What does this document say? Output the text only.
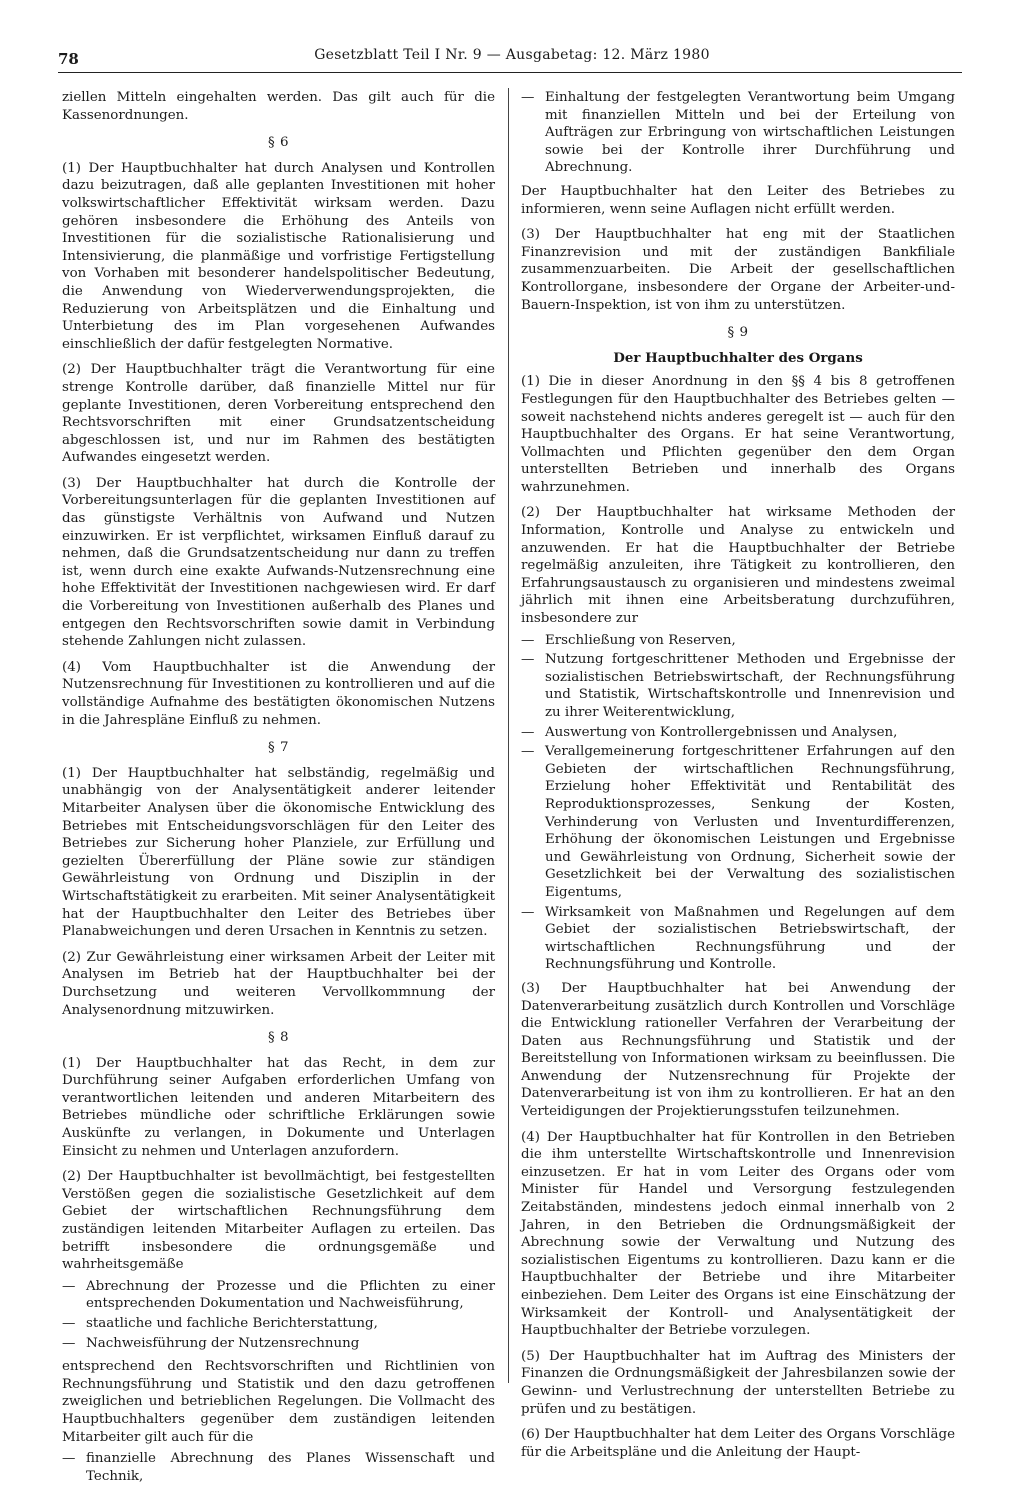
78	Gesetzblatt Teil I Nr. 9 — Ausgabetag: 12. März 1980

ziellen Mitteln eingehalten werden. Das gilt auch für die Kassenordnungen.

§ 6

(1) Der Hauptbuchhalter hat durch Analysen und Kontrollen dazu beizutragen, daß alle geplanten Investitionen mit hoher volkswirtschaftlicher Effektivität wirksam werden. Dazu gehören insbesondere die Erhöhung des Anteils von Investitionen für die sozialistische Rationalisierung und Intensivierung, die planmäßige und vorfristige Fertigstellung von Vorhaben mit besonderer handelspolitischer Bedeutung, die Anwendung von Wiederverwendungsprojekten, die Reduzierung von Arbeitsplätzen und die Einhaltung und Unterbietung des im Plan vorgesehenen Aufwandes einschließlich der dafür festgelegten Normative.

(2) Der Hauptbuchhalter trägt die Verantwortung für eine strenge Kontrolle darüber, daß finanzielle Mittel nur für geplante Investitionen, deren Vorbereitung entsprechend den Rechtsvorschriften mit einer Grundsatzentscheidung abgeschlossen ist, und nur im Rahmen des bestätigten Aufwandes eingesetzt werden.

(3) Der Hauptbuchhalter hat durch die Kontrolle der Vorbereitungsunterlagen für die geplanten Investitionen auf das günstigste Verhältnis von Aufwand und Nutzen einzuwirken. Er ist verpflichtet, wirksamen Einfluß darauf zu nehmen, daß die Grundsatzentscheidung nur dann zu treffen ist, wenn durch eine exakte Aufwands-Nutzensrechnung eine hohe Effektivität der Investitionen nachgewiesen wird. Er darf die Vorbereitung von Investitionen außerhalb des Planes und entgegen den Rechtsvorschriften sowie damit in Verbindung stehende Zahlungen nicht zulassen.

(4) Vom Hauptbuchhalter ist die Anwendung der Nutzensrechnung für Investitionen zu kontrollieren und auf die vollständige Aufnahme des bestätigten ökonomischen Nutzens in die Jahrespläne Einfluß zu nehmen.

§ 7

(1) Der Hauptbuchhalter hat selbständig, regelmäßig und unabhängig von der Analysentätigkeit anderer leitender Mitarbeiter Analysen über die ökonomische Entwicklung des Betriebes mit Entscheidungsvorschlägen für den Leiter des Betriebes zur Sicherung hoher Planziele, zur Erfüllung und gezielten Übererfüllung der Pläne sowie zur ständigen Gewährleistung von Ordnung und Disziplin in der Wirtschaftstätigkeit zu erarbeiten. Mit seiner Analysentätigkeit hat der Hauptbuchhalter den Leiter des Betriebes über Planabweichungen und deren Ursachen in Kenntnis zu setzen.

(2) Zur Gewährleistung einer wirksamen Arbeit der Leiter mit Analysen im Betrieb hat der Hauptbuchhalter bei der Durchsetzung und weiteren Vervollkommnung der Analysenordnung mitzuwirken.

§ 8

(1) Der Hauptbuchhalter hat das Recht, in dem zur Durchführung seiner Aufgaben erforderlichen Umfang von verantwortlichen leitenden und anderen Mitarbeitern des Betriebes mündliche oder schriftliche Erklärungen sowie Auskünfte zu verlangen, in Dokumente und Unterlagen Einsicht zu nehmen und Unterlagen anzufordern.

(2) Der Hauptbuchhalter ist bevollmächtigt, bei festgestellten Verstößen gegen die sozialistische Gesetzlichkeit auf dem Gebiet der wirtschaftlichen Rechnungsführung dem zuständigen leitenden Mitarbeiter Auflagen zu erteilen. Das betrifft insbesondere die ordnungsgemäße und wahrheitsgemäße

— Abrechnung der Prozesse und die Pflichten zu einer entsprechenden Dokumentation und Nachweisführung,
— staatliche und fachliche Berichterstattung,
— Nachweisführung der Nutzensrechnung

entsprechend den Rechtsvorschriften und Richtlinien von Rechnungsführung und Statistik und den dazu getroffenen zweiglichen und betrieblichen Regelungen. Die Vollmacht des Hauptbuchhalters gegenüber dem zuständigen leitenden Mitarbeiter gilt auch für die

— finanzielle Abrechnung des Planes Wissenschaft und Technik,
— Einhaltung der festgelegten Verantwortung beim Umgang mit finanziellen Mitteln und bei der Erteilung von Aufträgen zur Erbringung von wirtschaftlichen Leistungen sowie bei der Kontrolle ihrer Durchführung und Abrechnung.

Der Hauptbuchhalter hat den Leiter des Betriebes zu informieren, wenn seine Auflagen nicht erfüllt werden.

(3) Der Hauptbuchhalter hat eng mit der Staatlichen Finanzrevision und mit der zuständigen Bankfiliale zusammenzuarbeiten. Die Arbeit der gesellschaftlichen Kontrollorgane, insbesondere der Organe der Arbeiter-und-Bauern-Inspektion, ist von ihm zu unterstützen.

§ 9
Der Hauptbuchhalter des Organs

(1) Die in dieser Anordnung in den §§ 4 bis 8 getroffenen Festlegungen für den Hauptbuchhalter des Betriebes gelten — soweit nachstehend nichts anderes geregelt ist — auch für den Hauptbuchhalter des Organs. Er hat seine Verantwortung, Vollmachten und Pflichten gegenüber den dem Organ unterstellten Betrieben und innerhalb des Organs wahrzunehmen.

(2) Der Hauptbuchhalter hat wirksame Methoden der Information, Kontrolle und Analyse zu entwickeln und anzuwenden. Er hat die Hauptbuchhalter der Betriebe regelmäßig anzuleiten, ihre Tätigkeit zu kontrollieren, den Erfahrungsaustausch zu organisieren und mindestens zweimal jährlich mit ihnen eine Arbeitsberatung durchzuführen, insbesondere zur

— Erschließung von Reserven,
— Nutzung fortgeschrittener Methoden und Ergebnisse der sozialistischen Betriebswirtschaft, der Rechnungsführung und Statistik, Wirtschaftskontrolle und Innenrevision und zu ihrer Weiterentwicklung,
— Auswertung von Kontrollergebnissen und Analysen,
— Verallgemeinerung fortgeschrittener Erfahrungen auf den Gebieten der wirtschaftlichen Rechnungsführung, Erzielung hoher Effektivität und Rentabilität des Reproduktionsprozesses, Senkung der Kosten, Verhinderung von Verlusten und Inventurdifferenzen, Erhöhung der ökonomischen Leistungen und Ergebnisse und Gewährleistung von Ordnung, Sicherheit sowie der Gesetzlichkeit bei der Verwaltung des sozialistischen Eigentums,
— Wirksamkeit von Maßnahmen und Regelungen auf dem Gebiet der sozialistischen Betriebswirtschaft, der wirtschaftlichen Rechnungsführung und der Rechnungsführung und Kontrolle.

(3) Der Hauptbuchhalter hat bei Anwendung der Datenverarbeitung zusätzlich durch Kontrollen und Vorschläge die Entwicklung rationeller Verfahren der Verarbeitung der Daten aus Rechnungsführung und Statistik und der Bereitstellung von Informationen wirksam zu beeinflussen. Die Anwendung der Nutzensrechnung für Projekte der Datenverarbeitung ist von ihm zu kontrollieren. Er hat an den Verteidigungen der Projektierungsstufen teilzunehmen.

(4) Der Hauptbuchhalter hat für Kontrollen in den Betrieben die ihm unterstellte Wirtschaftskontrolle und Innenrevision einzusetzen. Er hat in vom Leiter des Organs oder vom Minister für Handel und Versorgung festzulegenden Zeitabständen, mindestens jedoch einmal innerhalb von 2 Jahren, in den Betrieben die Ordnungsmäßigkeit der Abrechnung sowie der Verwaltung und Nutzung des sozialistischen Eigentums zu kontrollieren. Dazu kann er die Hauptbuchhalter der Betriebe und ihre Mitarbeiter einbeziehen. Dem Leiter des Organs ist eine Einschätzung der Wirksamkeit der Kontroll- und Analysentätigkeit der Hauptbuchhalter der Betriebe vorzulegen.

(5) Der Hauptbuchhalter hat im Auftrag des Ministers der Finanzen die Ordnungsmäßigkeit der Jahresbilanzen sowie der Gewinn- und Verlustrechnung der unterstellten Betriebe zu prüfen und zu bestätigen.

(6) Der Hauptbuchhalter hat dem Leiter des Organs Vorschläge für die Arbeitspläne und die Anleitung der Haupt-
